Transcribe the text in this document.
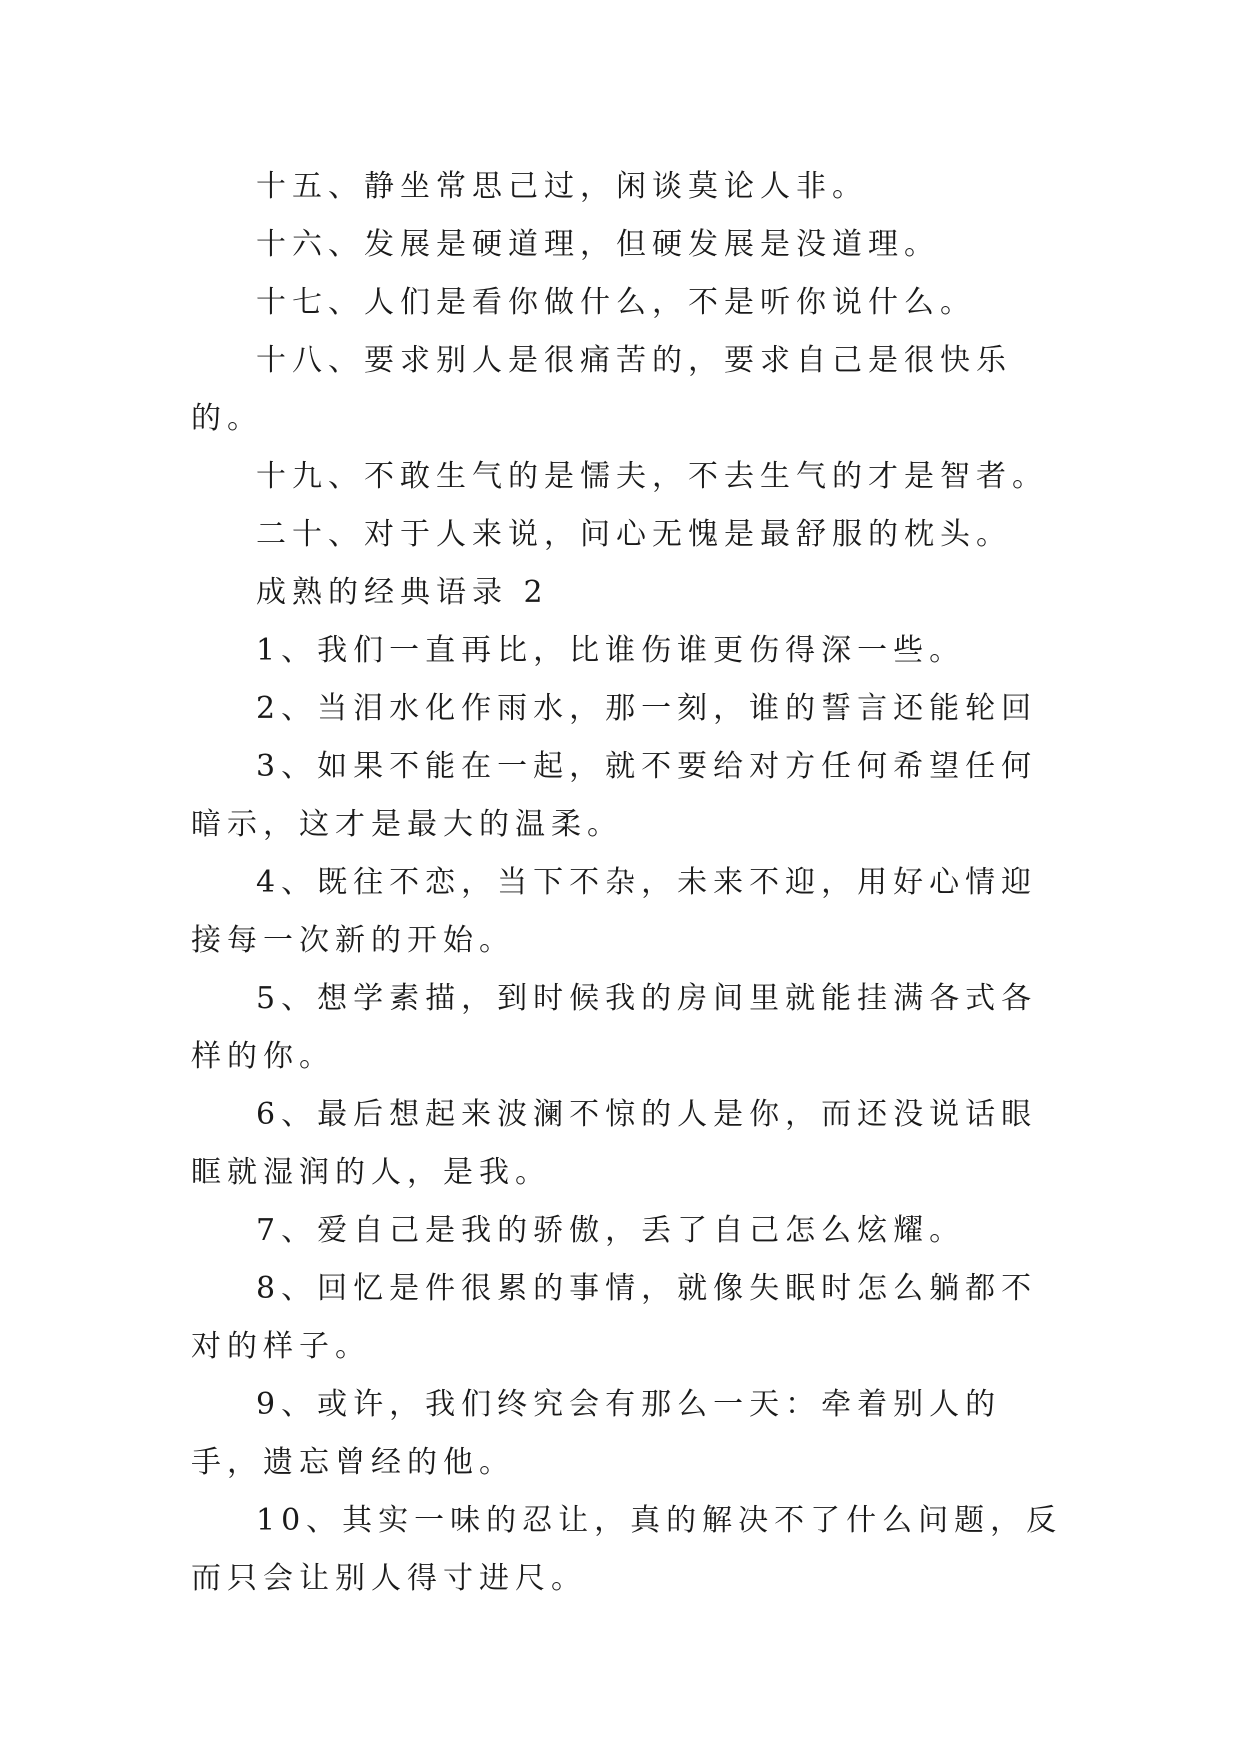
十五、静坐常思己过，闲谈莫论人非。

十六、发展是硬道理，但硬发展是没道理。

十七、人们是看你做什么，不是听你说什么。

十八、要求别人是很痛苦的，要求自己是很快乐的。

十九、不敢生气的是懦夫，不去生气的才是智者。

二十、对于人来说，问心无愧是最舒服的枕头。

成熟的经典语录 2

1、我们一直再比，比谁伤谁更伤得深一些。

2、当泪水化作雨水，那一刻，谁的誓言还能轮回

3、如果不能在一起，就不要给对方任何希望任何暗示，这才是最大的温柔。

4、既往不恋，当下不杂，未来不迎，用好心情迎接每一次新的开始。

5、想学素描，到时候我的房间里就能挂满各式各样的你。

6、最后想起来波澜不惊的人是你，而还没说话眼眶就湿润的人，是我。

7、爱自己是我的骄傲，丢了自己怎么炫耀。

8、回忆是件很累的事情，就像失眠时怎么躺都不对的样子。

9、或许，我们终究会有那么一天：牵着别人的手，遗忘曾经的他。

10、其实一味的忍让，真的解决不了什么问题，反而只会让别人得寸进尺。
